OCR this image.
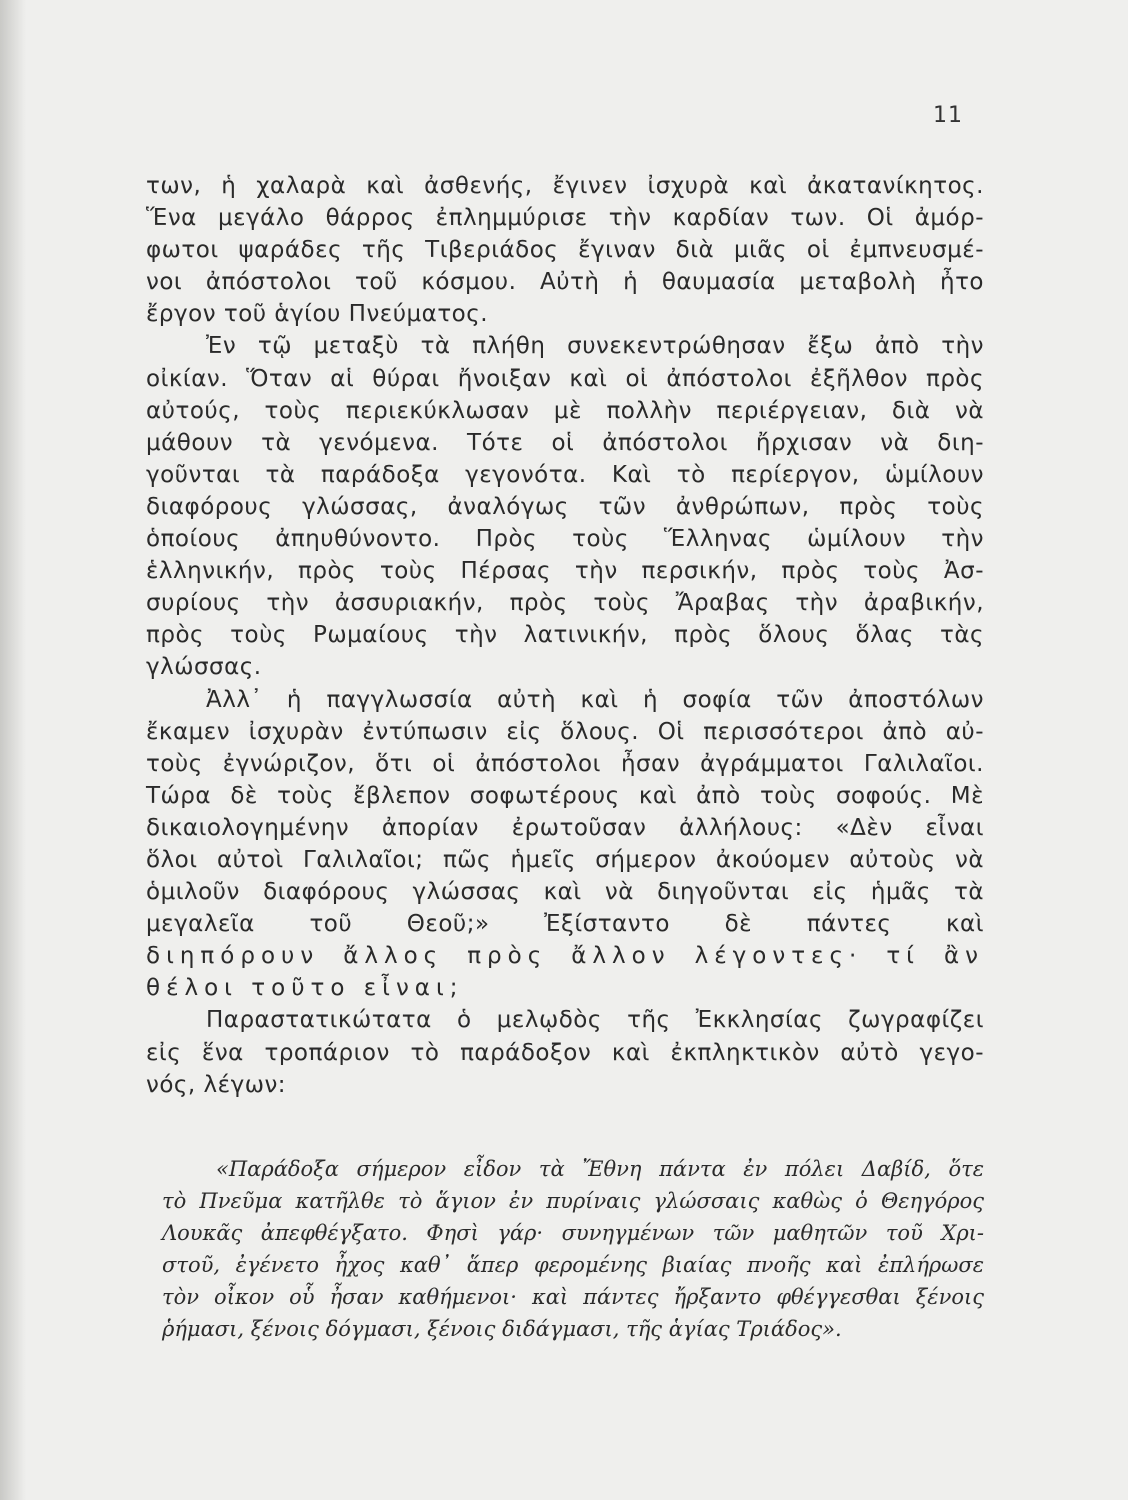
11
των, ἡ χαλαρὰ καὶ ἀσθενής, ἔγινεν ἰσχυρὰ καὶ ἀκατανίκητος.
Ἕνα μεγάλο θάρρος ἐπλημμύρισε τὴν καρδίαν των. Οἱ ἀμόρ-
φωτοι ψαράδες τῆς Τιβεριάδος ἔγιναν διὰ μιᾶς οἱ ἐμπνευσμέ-
νοι ἀπόστολοι τοῦ κόσμου. Αὐτὴ ἡ θαυμασία μεταβολὴ ἦτο
ἔργον τοῦ ἁγίου Πνεύματος.
Ἐν τῷ μεταξὺ τὰ πλήθη συνεκεντρώθησαν ἔξω ἀπὸ τὴν
οἰκίαν. Ὅταν αἱ θύραι ἤνοιξαν καὶ οἱ ἀπόστολοι ἐξῆλθον πρὸς
αὐτούς, τοὺς περιεκύκλωσαν μὲ πολλὴν περιέργειαν, διὰ νὰ
μάθουν τὰ γενόμενα. Τότε οἱ ἀπόστολοι ἤρχισαν νὰ διη-
γοῦνται τὰ παράδοξα γεγονότα. Καὶ τὸ περίεργον, ὡμίλουν
διαφόρους γλώσσας, ἀναλόγως τῶν ἀνθρώπων, πρὸς τοὺς
ὁποίους ἀπηυθύνοντο. Πρὸς τοὺς Ἕλληνας ὡμίλουν τὴν
ἑλληνικήν, πρὸς τοὺς Πέρσας τὴν περσικήν, πρὸς τοὺς Ἀσ-
συρίους τὴν ἀσσυριακήν, πρὸς τοὺς Ἄραβας τὴν ἀραβικήν,
πρὸς τοὺς Ρωμαίους τὴν λατινικήν, πρὸς ὅλους ὅλας τὰς
γλώσσας.
Ἀλλ᾽ ἡ παγγλωσσία αὐτὴ καὶ ἡ σοφία τῶν ἀποστόλων
ἔκαμεν ἰσχυρὰν ἐντύπωσιν εἰς ὅλους. Οἱ περισσότεροι ἀπὸ αὐ-
τοὺς ἐγνώριζον, ὅτι οἱ ἀπόστολοι ἦσαν ἀγράμματοι Γαλιλαῖοι.
Τώρα δὲ τοὺς ἔβλεπον σοφωτέρους καὶ ἀπὸ τοὺς σοφούς. Μὲ
δικαιολογημένην ἀπορίαν ἐρωτοῦσαν ἀλλήλους: «Δὲν εἶναι
ὅλοι αὐτοὶ Γαλιλαῖοι; πῶς ἡμεῖς σήμερον ἀκούομεν αὐτοὺς νὰ
ὁμιλοῦν διαφόρους γλώσσας καὶ νὰ διηγοῦνται εἰς ἡμᾶς τὰ
μεγαλεῖα τοῦ Θεοῦ;» Ἐξίσταντο δὲ πάντες καὶ
διηπόρουν ἄλλος πρὸς ἄλλον λέγοντες· τί ἂν
θέλοι τοῦτο εἶναι;
Παραστατικώτατα ὁ μελῳδὸς τῆς Ἐκκλησίας ζωγραφίζει
εἰς ἕνα τροπάριον τὸ παράδοξον καὶ ἐκπληκτικὸν αὐτὸ γεγο-
νός, λέγων:
«Παράδοξα σήμερον εἶδον τὰ Ἔθνη πάντα ἐν πόλει Δαβίδ, ὅτε
τὸ Πνεῦμα κατῆλθε τὸ ἅγιον ἐν πυρίναις γλώσσαις καθὼς ὁ Θεηγόρος
Λουκᾶς ἀπεφθέγξατο. Φησὶ γάρ· συνηγμένων τῶν μαθητῶν τοῦ Χρι-
στοῦ, ἐγένετο ἦχος καθ᾽ ἅπερ φερομένης βιαίας πνοῆς καὶ ἐπλήρωσε
τὸν οἶκον οὗ ἦσαν καθήμενοι· καὶ πάντες ἤρξαντο φθέγγεσθαι ξένοις
ῥήμασι, ξένοις δόγμασι, ξένοις διδάγμασι, τῆς ἁγίας Τριάδος».
